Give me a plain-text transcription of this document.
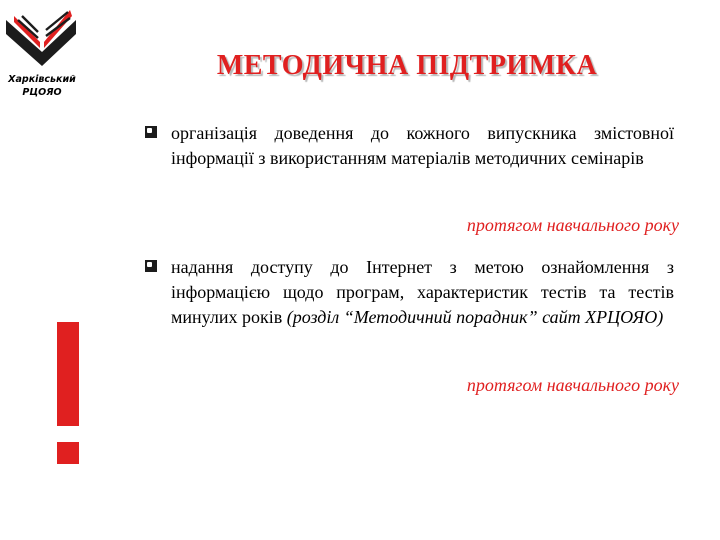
Харківський
РЦОЯО
МЕТОДИЧНА ПІДТРИМКА
організація доведення до кожного випускника змістовної інформації з використанням матеріалів методичних семінарів
протягом навчального року
надання доступу до Інтернет з метою ознайомлення з інформацією щодо програм, характеристик тестів та тестів минулих років (розділ “Методичний порадник” сайт ХРЦОЯО)
протягом навчального року
